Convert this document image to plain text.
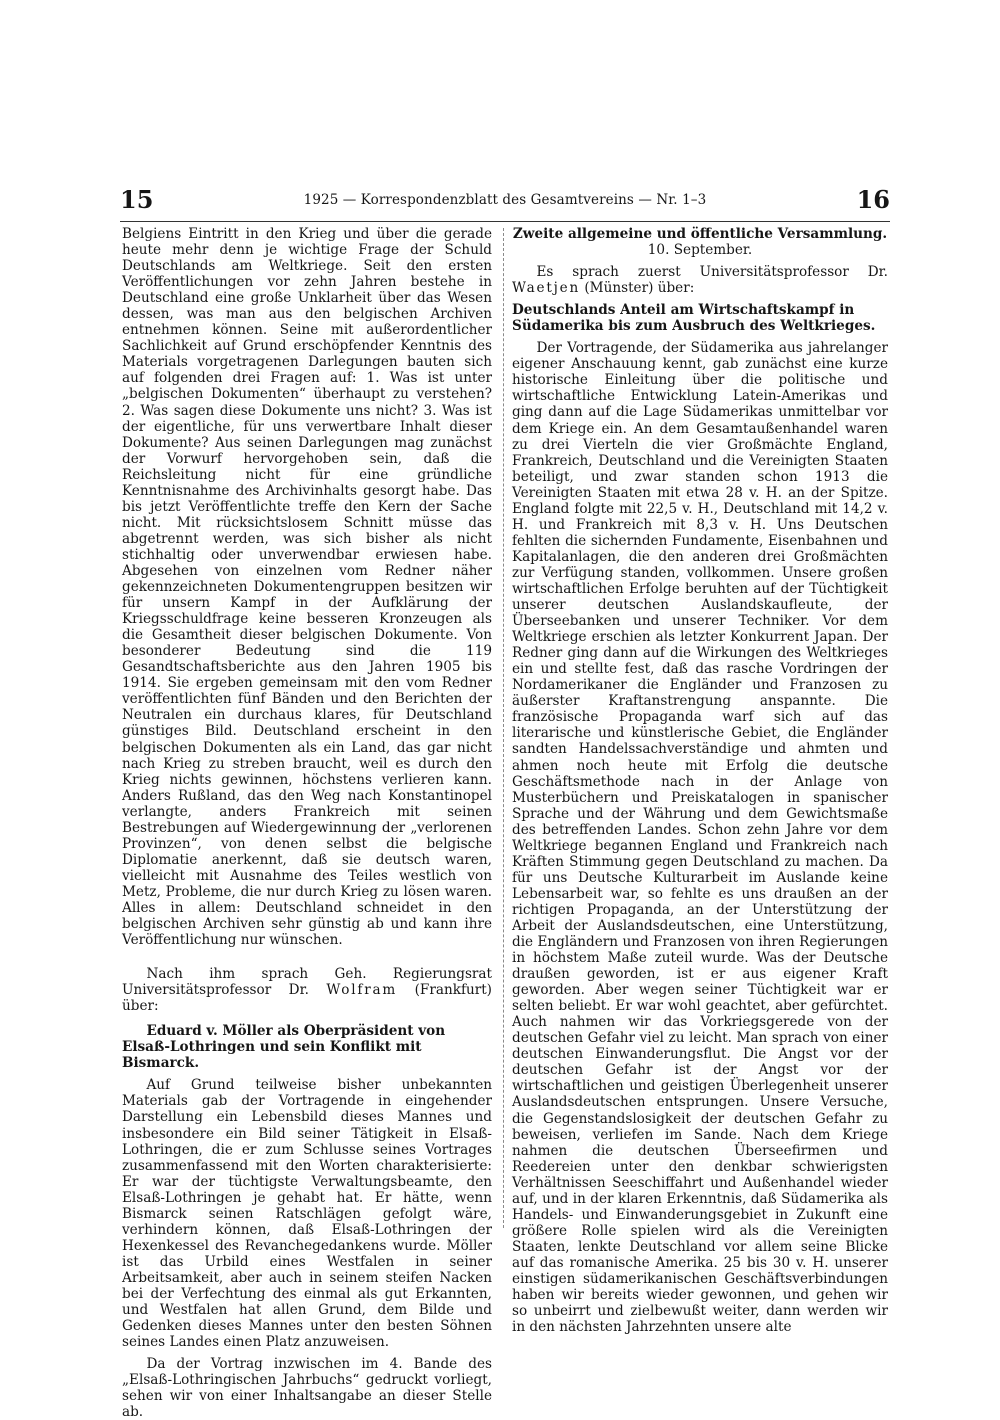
15	1925 — Korrespondenzblatt des Gesamtvereins — Nr. 1–3	16

Belgiens Eintritt in den Krieg und über die gerade heute mehr denn je wichtige Frage der Schuld Deutschlands am Weltkriege. Seit den ersten Veröffentlichungen vor zehn Jahren bestehe in Deutschland eine große Unklarheit über das Wesen dessen, was man aus den belgischen Archiven entnehmen können. Seine mit außerordentlicher Sachlichkeit auf Grund erschöpfender Kenntnis des Materials vorgetragenen Darlegungen bauten sich auf folgenden drei Fragen auf: 1. Was ist unter „belgischen Dokumenten“ überhaupt zu verstehen? 2. Was sagen diese Dokumente uns nicht? 3. Was ist der eigentliche, für uns verwertbare Inhalt dieser Dokumente? Aus seinen Darlegungen mag zunächst der Vorwurf hervorgehoben sein, daß die Reichsleitung nicht für eine gründliche Kenntnisnahme des Archivinhalts gesorgt habe. Das bis jetzt Veröffentlichte treffe den Kern der Sache nicht. Mit rücksichtslosem Schnitt müsse das abgetrennt werden, was sich bisher als nicht stichhaltig oder unverwendbar erwiesen habe. Abgesehen von einzelnen vom Redner näher gekennzeichneten Dokumentengruppen besitzen wir für unsern Kampf in der Aufklärung der Kriegsschuldfrage keine besseren Kronzeugen als die Gesamtheit dieser belgischen Dokumente. Von besonderer Bedeutung sind die 119 Gesandtschaftsberichte aus den Jahren 1905 bis 1914. Sie ergeben gemeinsam mit den vom Redner veröffentlichten fünf Bänden und den Berichten der Neutralen ein durchaus klares, für Deutschland günstiges Bild. Deutschland erscheint in den belgischen Dokumenten als ein Land, das gar nicht nach Krieg zu streben braucht, weil es durch den Krieg nichts gewinnen, höchstens verlieren kann. Anders Rußland, das den Weg nach Konstantinopel verlangte, anders Frankreich mit seinen Bestrebungen auf Wiedergewinnung der „verlorenen Provinzen“, von denen selbst die belgische Diplomatie anerkennt, daß sie deutsch waren, vielleicht mit Ausnahme des Teiles westlich von Metz, Probleme, die nur durch Krieg zu lösen waren. Alles in allem: Deutschland schneidet in den belgischen Archiven sehr günstig ab und kann ihre Veröffentlichung nur wünschen.

Nach ihm sprach Geh. Regierungsrat Universitätsprofessor Dr. Wolfram (Frankfurt) über:

Eduard v. Möller als Oberpräsident von Elsaß-Lothringen und sein Konflikt mit Bismarck.

Auf Grund teilweise bisher unbekannten Materials gab der Vortragende in eingehender Darstellung ein Lebensbild dieses Mannes und insbesondere ein Bild seiner Tätigkeit in Elsaß-Lothringen, die er zum Schlusse seines Vortrages zusammenfassend mit den Worten charakterisierte: Er war der tüchtigste Verwaltungsbeamte, den Elsaß-Lothringen je gehabt hat. Er hätte, wenn Bismarck seinen Ratschlägen gefolgt wäre, verhindern können, daß Elsaß-Lothringen der Hexenkessel des Revanchegedankens wurde. Möller ist das Urbild eines Westfalen in seiner Arbeitsamkeit, aber auch in seinem steifen Nacken bei der Verfechtung des einmal als gut Erkannten, und Westfalen hat allen Grund, dem Bilde und Gedenken dieses Mannes unter den besten Söhnen seines Landes einen Platz anzuweisen.

Da der Vortrag inzwischen im 4. Bande des „Elsaß-Lothringischen Jahrbuchs“ gedruckt vorliegt, sehen wir von einer Inhaltsangabe an dieser Stelle ab.

Zweite allgemeine und öffentliche Versammlung.

10. September.

Es sprach zuerst Universitätsprofessor Dr. Waetjen (Münster) über:

Deutschlands Anteil am Wirtschaftskampf in Südamerika bis zum Ausbruch des Weltkrieges.

Der Vortragende, der Südamerika aus jahrelanger eigener Anschauung kennt, gab zunächst eine kurze historische Einleitung über die politische und wirtschaftliche Entwicklung Latein-Amerikas und ging dann auf die Lage Südamerikas unmittelbar vor dem Kriege ein. An dem Gesamtaußenhandel waren zu drei Vierteln die vier Großmächte England, Frankreich, Deutschland und die Vereinigten Staaten beteiligt, und zwar standen schon 1913 die Vereinigten Staaten mit etwa 28 v. H. an der Spitze. England folgte mit 22,5 v. H., Deutschland mit 14,2 v. H. und Frankreich mit 8,3 v. H. Uns Deutschen fehlten die sichernden Fundamente, Eisenbahnen und Kapitalanlagen, die den anderen drei Großmächten zur Verfügung standen, vollkommen. Unsere großen wirtschaftlichen Erfolge beruhten auf der Tüchtigkeit unserer deutschen Auslandskaufleute, der Überseebanken und unserer Techniker. Vor dem Weltkriege erschien als letzter Konkurrent Japan. Der Redner ging dann auf die Wirkungen des Weltkrieges ein und stellte fest, daß das rasche Vordringen der Nordamerikaner die Engländer und Franzosen zu äußerster Kraftanstrengung anspannte. Die französische Propaganda warf sich auf das literarische und künstlerische Gebiet, die Engländer sandten Handelssachverständige und ahmten und ahmen noch heute mit Erfolg die deutsche Geschäftsmethode nach in der Anlage von Musterbüchern und Preiskatalogen in spanischer Sprache und der Währung und dem Gewichtsmaße des betreffenden Landes. Schon zehn Jahre vor dem Weltkriege begannen England und Frankreich nach Kräften Stimmung gegen Deutschland zu machen. Da für uns Deutsche Kulturarbeit im Auslande keine Lebensarbeit war, so fehlte es uns draußen an der richtigen Propaganda, an der Unterstützung der Arbeit der Auslandsdeutschen, eine Unterstützung, die Engländern und Franzosen von ihren Regierungen in höchstem Maße zuteil wurde. Was der Deutsche draußen geworden, ist er aus eigener Kraft geworden. Aber wegen seiner Tüchtigkeit war er selten beliebt. Er war wohl geachtet, aber gefürchtet. Auch nahmen wir das Vorkriegsgerede von der deutschen Gefahr viel zu leicht. Man sprach von einer deutschen Einwanderungsflut. Die Angst vor der deutschen Gefahr ist der Angst vor der wirtschaftlichen und geistigen Überlegenheit unserer Auslandsdeutschen entsprungen. Unsere Versuche, die Gegenstandslosigkeit der deutschen Gefahr zu beweisen, verliefen im Sande. Nach dem Kriege nahmen die deutschen Überseefirmen und Reedereien unter den denkbar schwierigsten Verhältnissen Seeschiffahrt und Außenhandel wieder auf, und in der klaren Erkenntnis, daß Südamerika als Handels- und Einwanderungsgebiet in Zukunft eine größere Rolle spielen wird als die Vereinigten Staaten, lenkte Deutschland vor allem seine Blicke auf das romanische Amerika. 25 bis 30 v. H. unserer einstigen südamerikanischen Geschäftsverbindungen haben wir bereits wieder gewonnen, und gehen wir so unbeirrt und zielbewußt weiter, dann werden wir in den nächsten Jahrzehnten unsere alte
